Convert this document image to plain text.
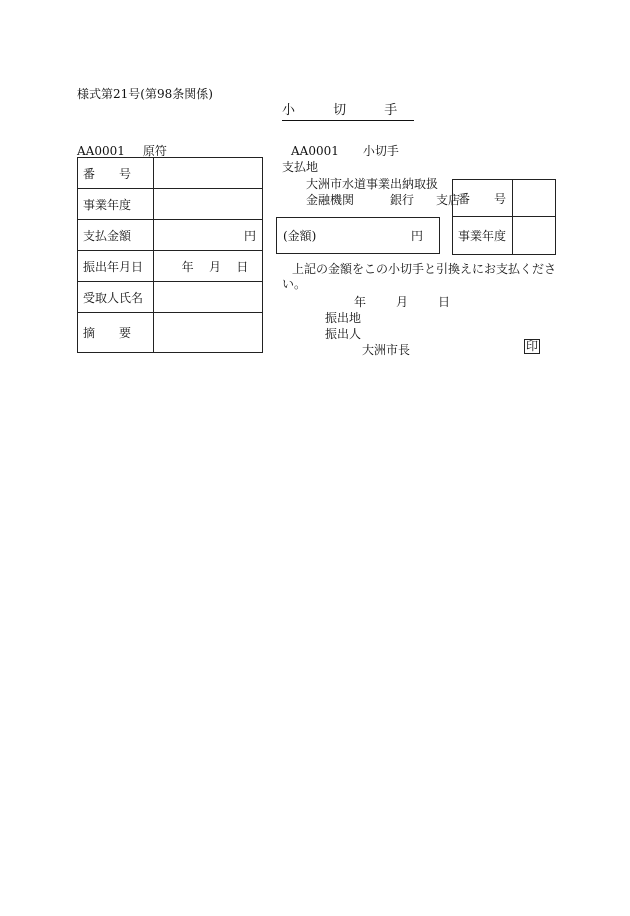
様式第21号(第98条関係)
小 切 手
AA0001 原符
番　　号	
事業年度	
支払金額	円
振出年月日	年 月 日

受取人氏名	
摘　　要	
AA0001 小切手
支払地
大洲市水道事業出納取扱
金融機関	銀行 支店
(金額)	円
番　　号	
事業年度	
上記の金額をこの小切手と引換えにお支払ください。
年	月	日
振出地
振出人
大洲市長	印
